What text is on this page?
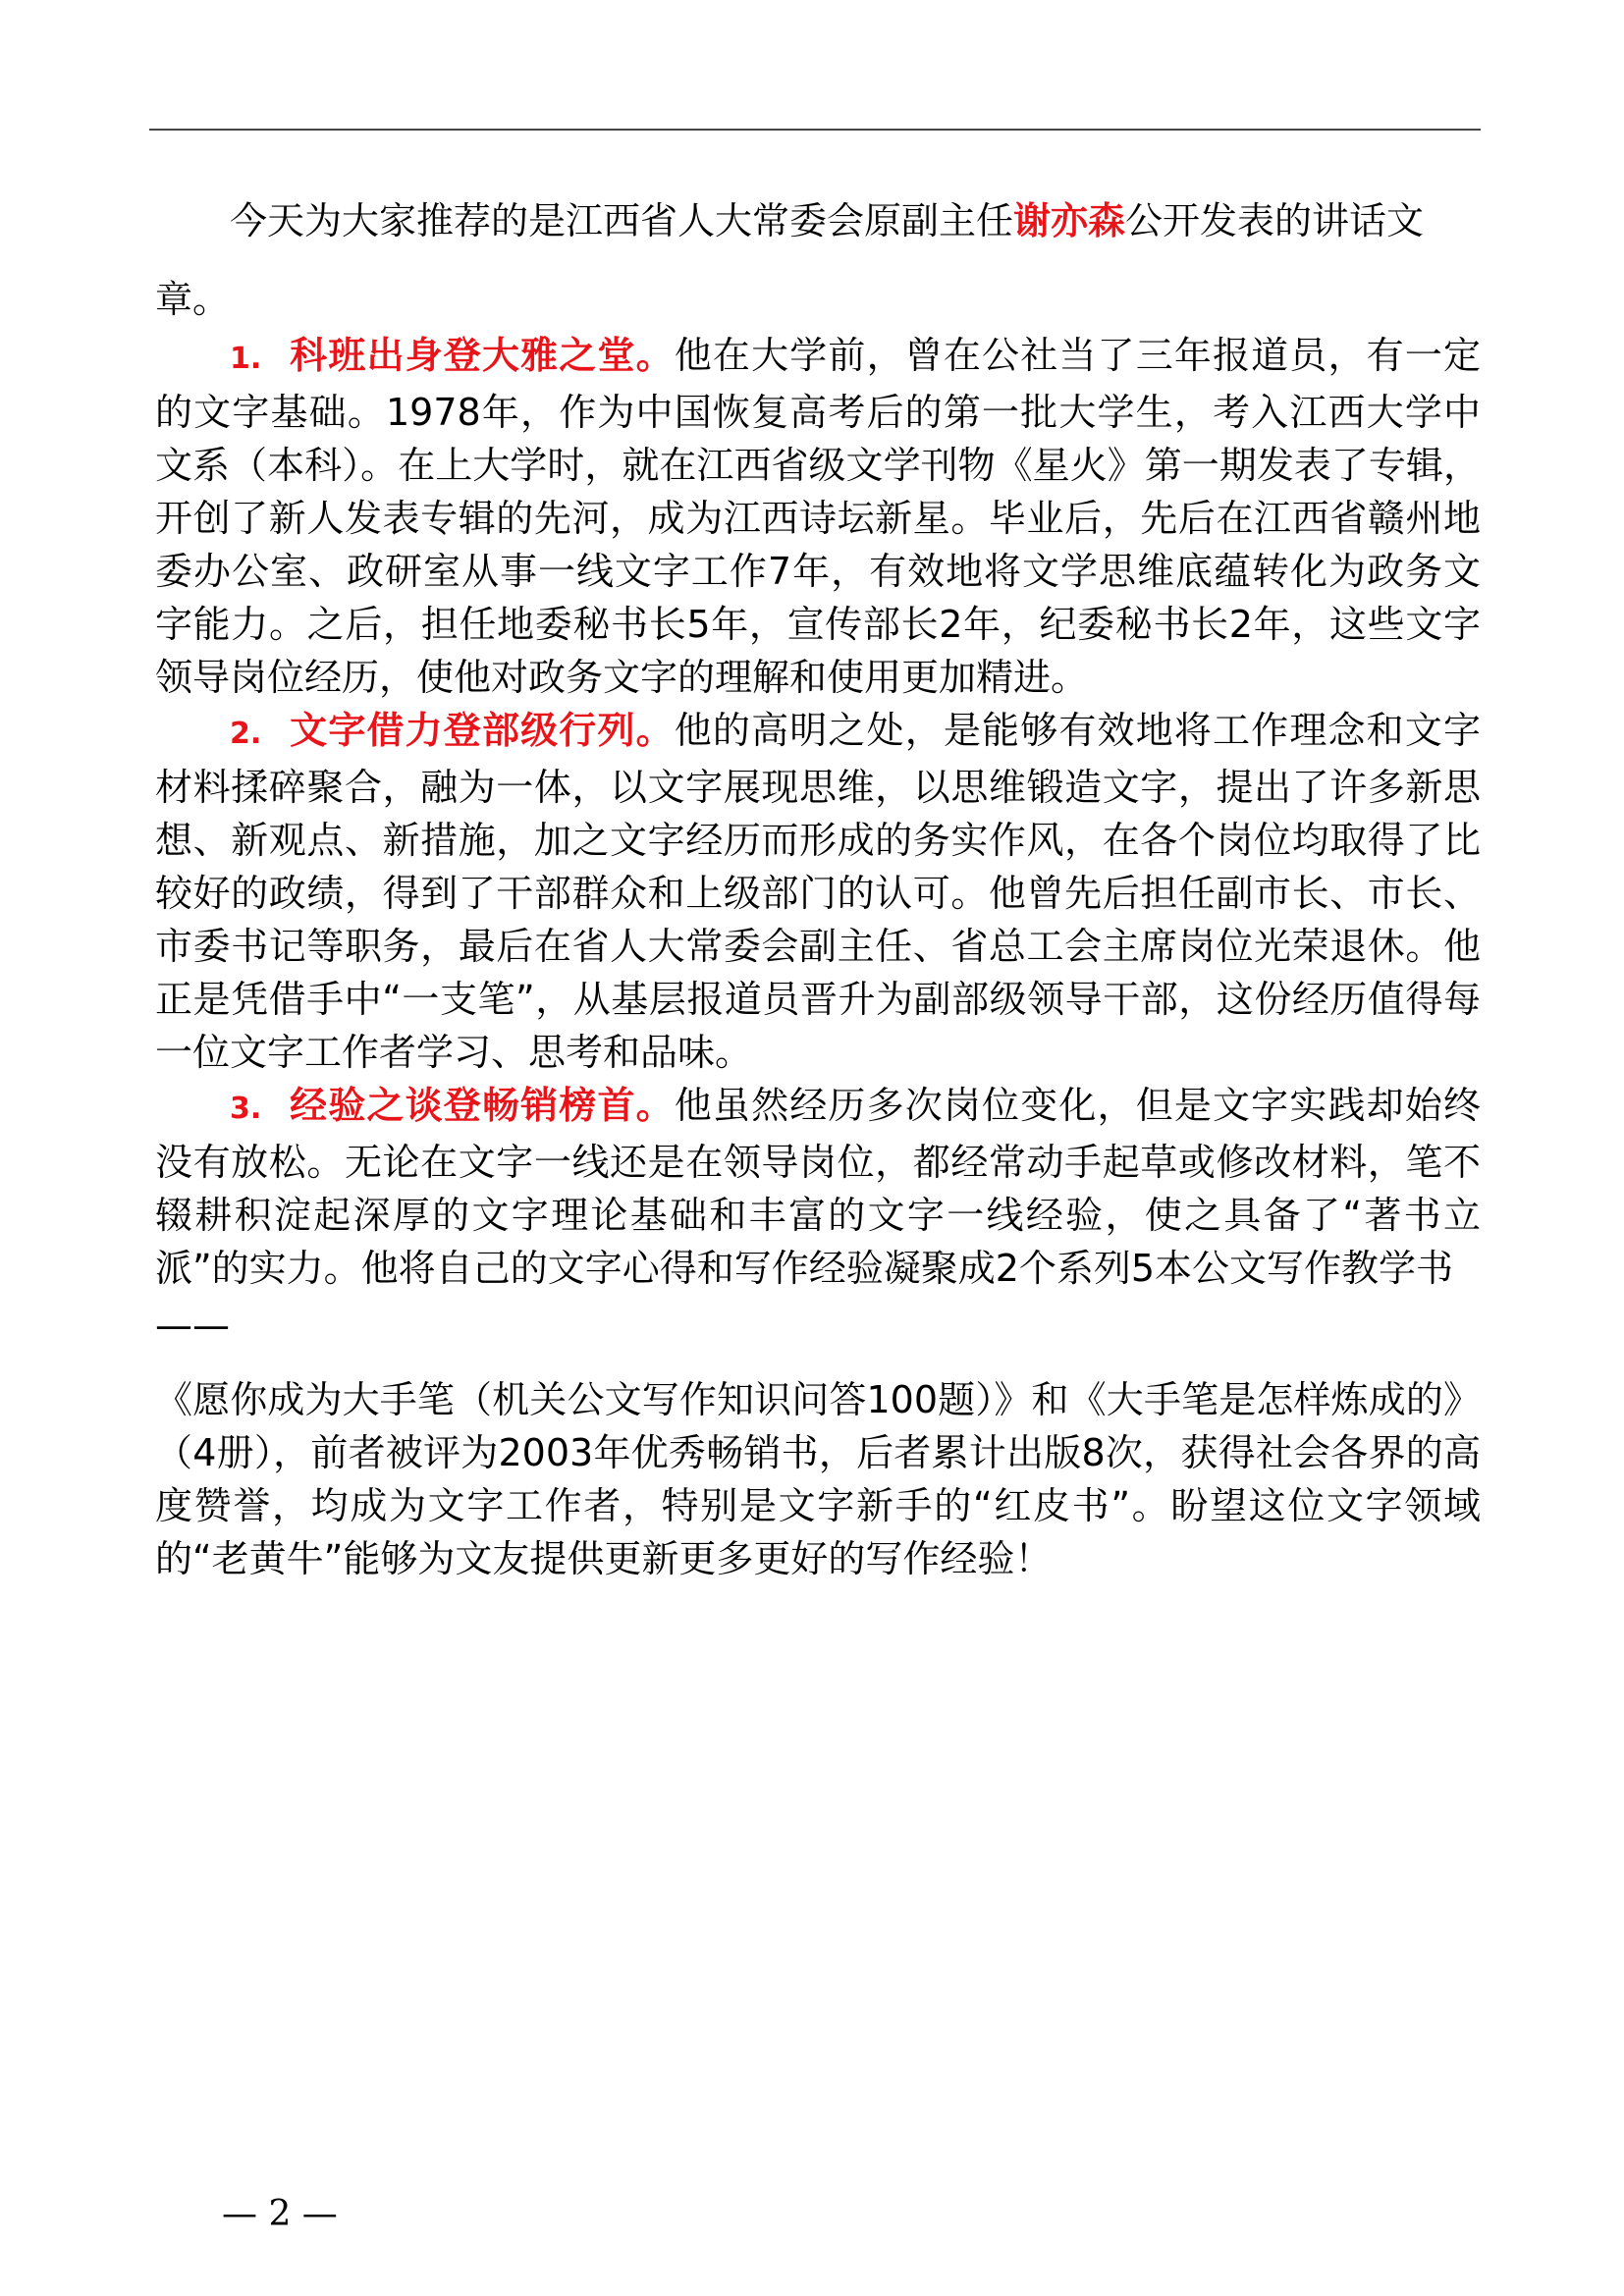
今天为大家推荐的是江西省人大常委会原副主任谢亦森公开发表的讲话文章。

1. 科班出身登大雅之堂。他在大学前，曾在公社当了三年报道员，有一定 的文字基础。1978年，作为中国恢复高考后的第一批大学生，考入江西大学中文系（本科）。在上大学时，就在江西省级文学刊物《星火》第一期发表了专辑，开创了新人发表专辑的先河，成为江西诗坛新星。毕业后，先后在江西省赣州地委办公室、政研室从事一线文字工作7年，有效地将文学思维底蕴转化为政务文字能力。之后，担任地委秘书长5年，宣传部长2年，纪委秘书长2年，这些文字领导岗位经历，使他对政务文字的理解和使用更加精进。

2. 文字借力登部级行列。他的高明之处，是能够有效地将工作理念和文字材料揉碎聚合，融为一体，以文字展现思维，以思维锻造文字，提出了许多新思想、新观点、新措施，加之文字经历而形成的务实作风，在各个岗位均取得了比较好的政绩，得到了干部群众和上级部门的认可。他曾先后担任副市长、市长、市委书记等职务，最后在省人大常委会副主任、省总工会主席岗位光荣退休。他正是凭借手中“一支笔”，从基层报道员晋升为副部级领导干部，这份经历值得每一位文字工作者学习、思考和品味。

3. 经验之谈登畅销榜首。他虽然经历多次岗位变化，但是文字实践却始终没有放松。无论在文字一线还是在领导岗位，都经常动手起草或修改材料，笔不辍耕积淀起深厚的文字理论基础和丰富的文字一线经验，使之具备了“著书立派”的实力。他将自己的文字心得和写作经验凝聚成2个系列5本公文写作教学书

——

《愿你成为大手笔（机关公文写作知识问答100题）》和《大手笔是怎样炼成的》（4册），前者被评为2003年优秀畅销书，后者累计出版8次，获得社会各界的高度赞誉，均成为文字工作者，特别是文字新手的“红皮书”。盼望这位文字领域的“老黄牛”能够为文友提供更新更多更好的写作经验！

— 2 —
